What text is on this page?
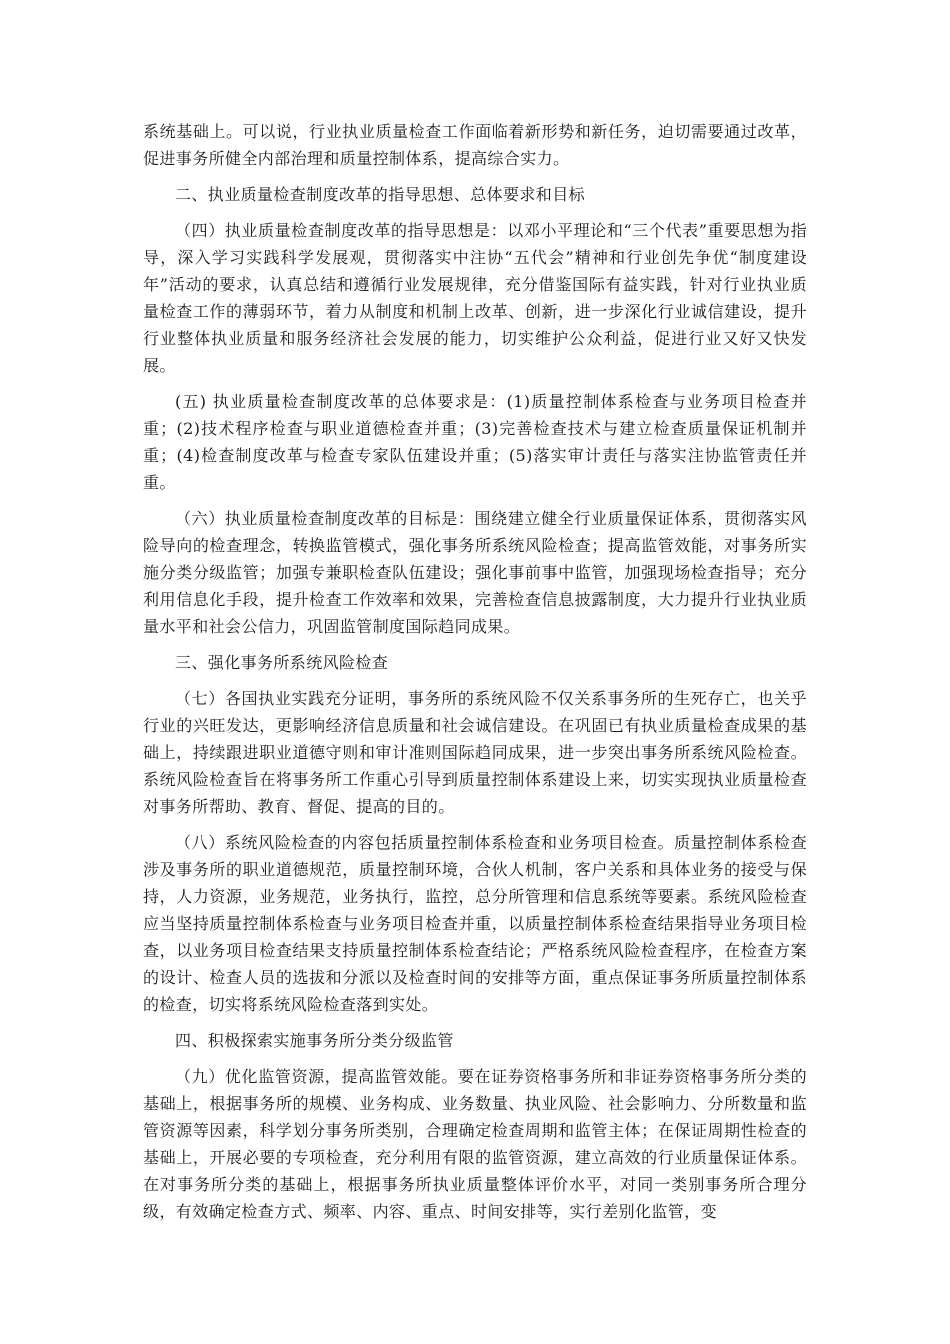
系统基础上。可以说，行业执业质量检查工作面临着新形势和新任务，迫切需要通过改革，促进事务所健全内部治理和质量控制体系，提高综合实力。

二、执业质量检查制度改革的指导思想、总体要求和目标

（四）执业质量检查制度改革的指导思想是：以邓小平理论和“三个代表”重要思想为指导，深入学习实践科学发展观，贯彻落实中注协“五代会”精神和行业创先争优“制度建设年”活动的要求，认真总结和遵循行业发展规律，充分借鉴国际有益实践，针对行业执业质量检查工作的薄弱环节，着力从制度和机制上改革、创新，进一步深化行业诚信建设，提升行业整体执业质量和服务经济社会发展的能力，切实维护公众利益，促进行业又好又快发展。

(五) 执业质量检查制度改革的总体要求是：(1)质量控制体系检查与业务项目检查并重；(2)技术程序检查与职业道德检查并重；(3)完善检查技术与建立检查质量保证机制并重；(4)检查制度改革与检查专家队伍建设并重；(5)落实审计责任与落实注协监管责任并重。

（六）执业质量检查制度改革的目标是：围绕建立健全行业质量保证体系，贯彻落实风险导向的检查理念，转换监管模式，强化事务所系统风险检查；提高监管效能，对事务所实施分类分级监管；加强专兼职检查队伍建设；强化事前事中监管，加强现场检查指导；充分利用信息化手段，提升检查工作效率和效果，完善检查信息披露制度，大力提升行业执业质量水平和社会公信力，巩固监管制度国际趋同成果。

三、强化事务所系统风险检查

（七）各国执业实践充分证明，事务所的系统风险不仅关系事务所的生死存亡，也关乎行业的兴旺发达，更影响经济信息质量和社会诚信建设。在巩固已有执业质量检查成果的基础上，持续跟进职业道德守则和审计准则国际趋同成果，进一步突出事务所系统风险检查。系统风险检查旨在将事务所工作重心引导到质量控制体系建设上来，切实实现执业质量检查对事务所帮助、教育、督促、提高的目的。

（八）系统风险检查的内容包括质量控制体系检查和业务项目检查。质量控制体系检查涉及事务所的职业道德规范，质量控制环境，合伙人机制，客户关系和具体业务的接受与保持，人力资源，业务规范，业务执行，监控，总分所管理和信息系统等要素。系统风险检查应当坚持质量控制体系检查与业务项目检查并重，以质量控制体系检查结果指导业务项目检查，以业务项目检查结果支持质量控制体系检查结论；严格系统风险检查程序，在检查方案的设计、检查人员的选拔和分派以及检查时间的安排等方面，重点保证事务所质量控制体系的检查，切实将系统风险检查落到实处。

四、积极探索实施事务所分类分级监管

（九）优化监管资源，提高监管效能。要在证券资格事务所和非证券资格事务所分类的基础上，根据事务所的规模、业务构成、业务数量、执业风险、社会影响力、分所数量和监管资源等因素，科学划分事务所类别，合理确定检查周期和监管主体；在保证周期性检查的基础上，开展必要的专项检查，充分利用有限的监管资源，建立高效的行业质量保证体系。在对事务所分类的基础上，根据事务所执业质量整体评价水平，对同一类别事务所合理分级，有效确定检查方式、频率、内容、重点、时间安排等，实行差别化监管，变
